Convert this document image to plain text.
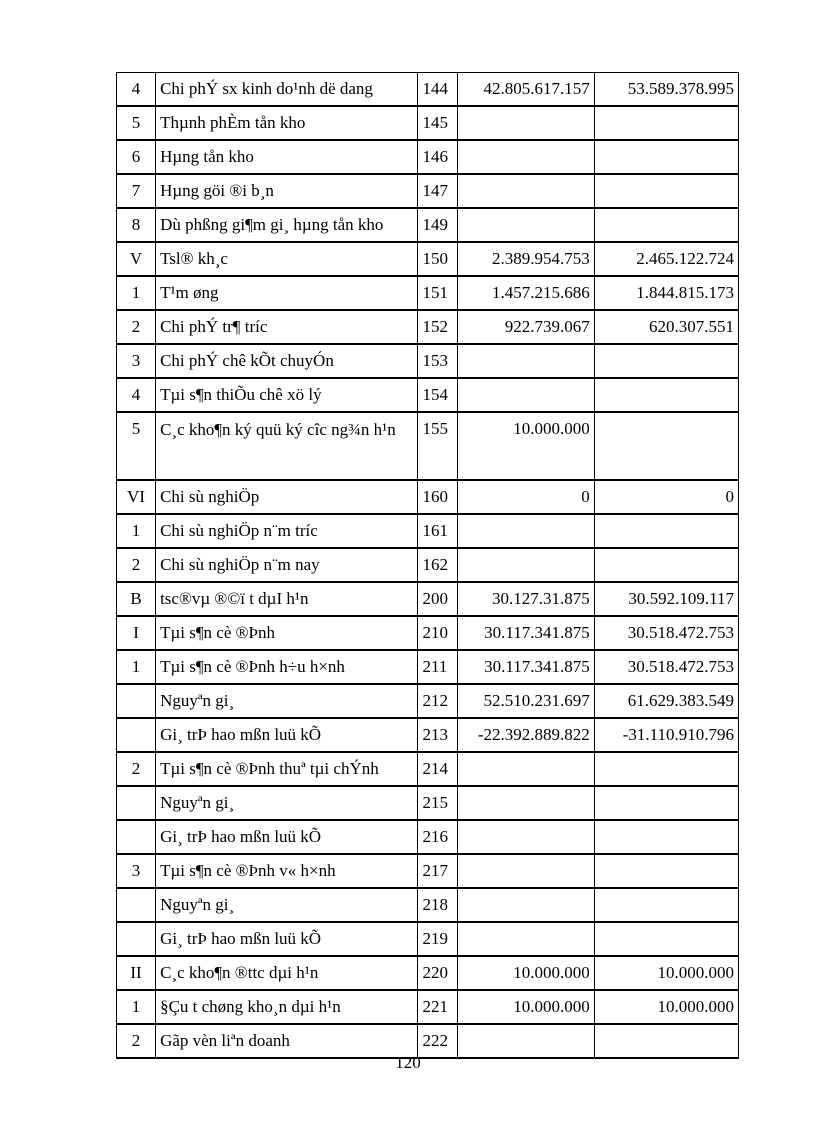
4	Chi phÝ sx kinh do¹nh dë dang	144	42.805.617.157	53.589.378.995
5	Thµnh phÈm tån kho	145		
6	Hµng tån kho	146		
7	Hµng göi ®i b¸n	147		
8	Dù phßng gi¶m gi¸ hµng tån kho	149		
V	Tsl® kh¸c	150	2.389.954.753	2.465.122.724
1	T¹m øng	151	1.457.215.686	1.844.815.173
2	Chi phÝ tr¶ tríc	152	922.739.067	620.307.551
3	Chi phÝ chê kÕt chuyÓn	153		
4	Tµi s¶n thiÕu chê xö lý	154		
5	C¸c kho¶n ký quü ký cîc ng¾n h¹n	155	10.000.000	
VI	Chi sù nghiÖp	160	0	0
1	Chi sù nghiÖp n¨m tríc	161		
2	Chi sù nghiÖp n¨m nay	162		
B	tsc®vµ ®©ï t dµI h¹n	200	30.127.31.875	30.592.109.117
I	Tµi s¶n cè ®Þnh	210	30.117.341.875	30.518.472.753
1	Tµi s¶n cè ®Þnh h÷u h×nh	211	30.117.341.875	30.518.472.753
	Nguyªn gi¸	212	52.510.231.697	61.629.383.549
	Gi¸ trÞ hao mßn luü kÕ	213	-22.392.889.822	-31.110.910.796
2	Tµi s¶n cè ®Þnh thuª tµi chÝnh	214		
	Nguyªn gi¸	215		
	Gi¸ trÞ hao mßn luü kÕ	216		
3	Tµi s¶n cè ®Þnh v« h×nh	217		
	Nguyªn gi¸	218		
	Gi¸ trÞ hao mßn luü kÕ	219		
II	C¸c kho¶n ®ttc dµi h¹n	220	10.000.000	10.000.000
1	§Çu t chøng kho¸n dµi h¹n	221	10.000.000	10.000.000
2	Gãp vèn liªn doanh	222		
120
